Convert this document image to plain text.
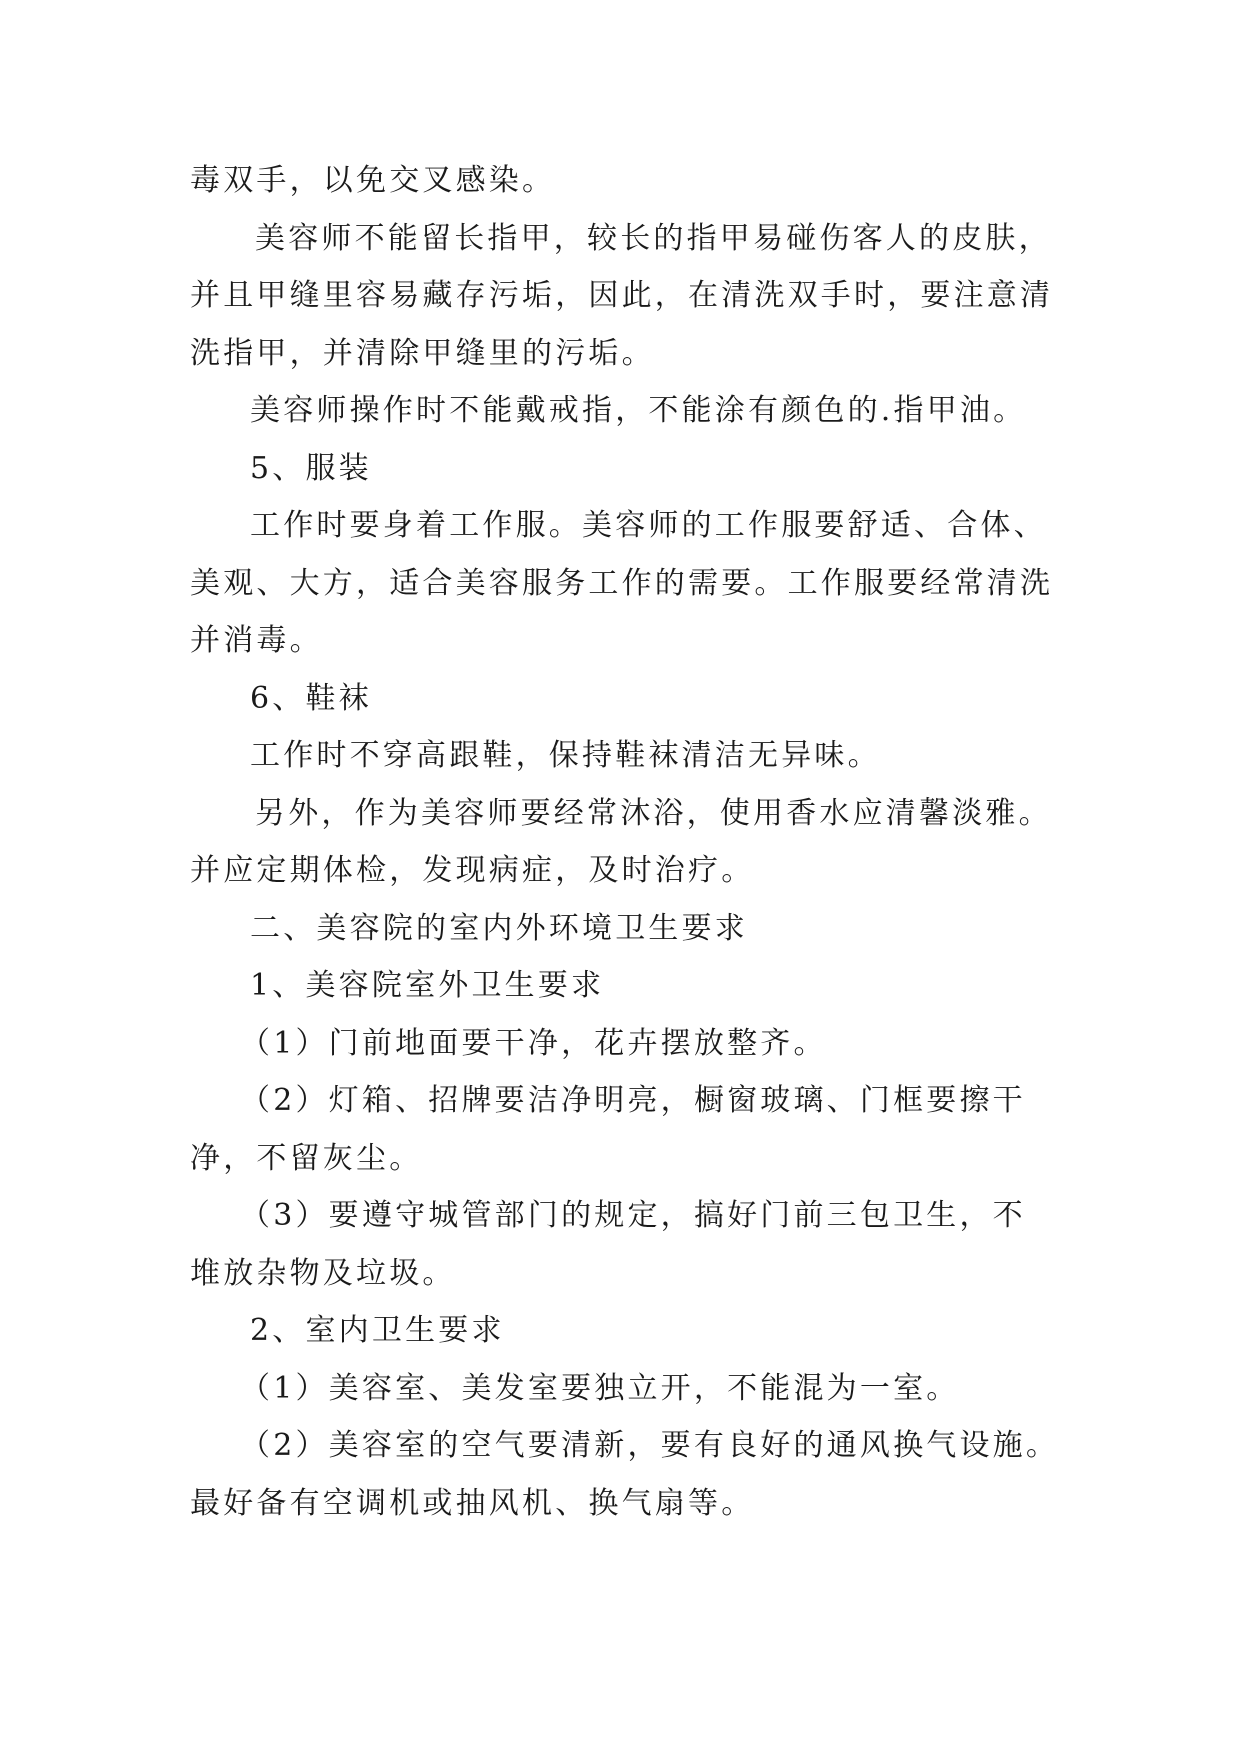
毒双手，以免交叉感染。
美容师不能留长指甲，较长的指甲易碰伤客人的皮肤，
并且甲缝里容易藏存污垢，因此，在清洗双手时，要注意清
洗指甲，并清除甲缝里的污垢。
美容师操作时不能戴戒指，不能涂有颜色的.指甲油。
5、服装
工作时要身着工作服。美容师的工作服要舒适、合体、
美观、大方，适合美容服务工作的需要。工作服要经常清洗
并消毒。
6、鞋袜
工作时不穿高跟鞋，保持鞋袜清洁无异味。
另外，作为美容师要经常沐浴，使用香水应清馨淡雅。
并应定期体检，发现病症，及时治疗。
二、美容院的室内外环境卫生要求
1、美容院室外卫生要求
（1）门前地面要干净，花卉摆放整齐。
（2）灯箱、招牌要洁净明亮，橱窗玻璃、门框要擦干
净，不留灰尘。
（3）要遵守城管部门的规定，搞好门前三包卫生，不
堆放杂物及垃圾。
2、室内卫生要求
（1）美容室、美发室要独立开，不能混为一室。
（2）美容室的空气要清新，要有良好的通风换气设施。
最好备有空调机或抽风机、换气扇等。
